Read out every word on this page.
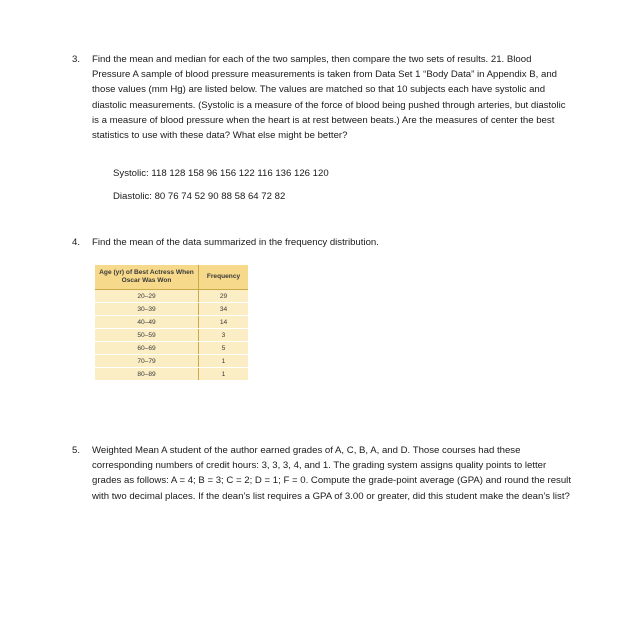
3. Find the mean and median for each of the two samples, then compare the two sets of results. 21. Blood Pressure A sample of blood pressure measurements is taken from Data Set 1 “Body Data” in Appendix B, and those values (mm Hg) are listed below. The values are matched so that 10 subjects each have systolic and diastolic measurements. (Systolic is a measure of the force of blood being pushed through arteries, but diastolic is a measure of blood pressure when the heart is at rest between beats.) Are the measures of center the best statistics to use with these data? What else might be better?
Systolic: 118 128 158 96 156 122 116 136 126 120
Diastolic: 80 76 74 52 90 88 58 64 72 82
4. Find the mean of the data summarized in the frequency distribution.
Age (yr) of Best Actress When Oscar Was Won	Frequency
20–29	29
30–39	34
40–49	14
50–59	3
60–69	5
70–79	1
80–89	1
5. Weighted Mean A student of the author earned grades of A, C, B, A, and D. Those courses had these corresponding numbers of credit hours: 3, 3, 3, 4, and 1. The grading system assigns quality points to letter grades as follows: A = 4; B = 3; C = 2; D = 1; F = 0. Compute the grade-point average (GPA) and round the result with two decimal places. If the dean’s list requires a GPA of 3.00 or greater, did this student make the dean’s list?
